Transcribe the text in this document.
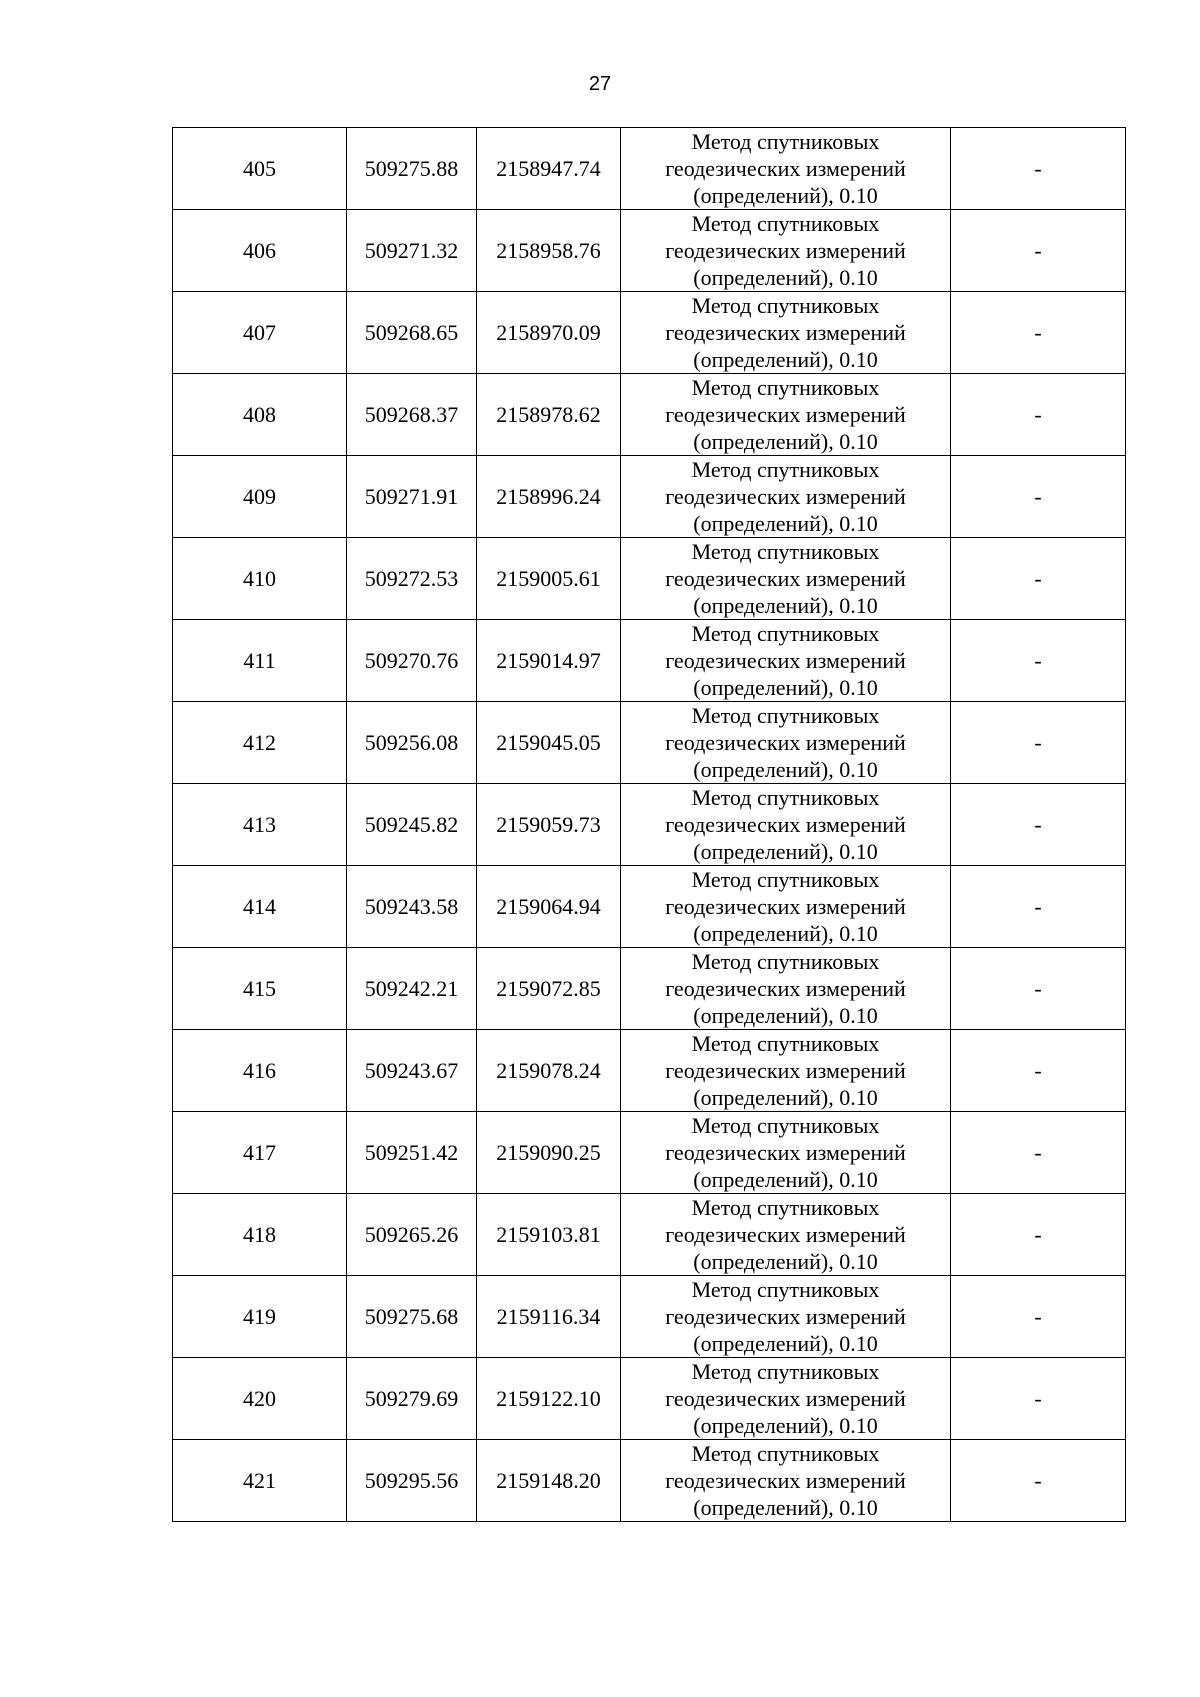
27
405	509275.88	2158947.74	Метод спутниковых
геодезических измерений
(определений), 0.10	-
406	509271.32	2158958.76	Метод спутниковых
геодезических измерений
(определений), 0.10	-
407	509268.65	2158970.09	Метод спутниковых
геодезических измерений
(определений), 0.10	-
408	509268.37	2158978.62	Метод спутниковых
геодезических измерений
(определений), 0.10	-
409	509271.91	2158996.24	Метод спутниковых
геодезических измерений
(определений), 0.10	-
410	509272.53	2159005.61	Метод спутниковых
геодезических измерений
(определений), 0.10	-
411	509270.76	2159014.97	Метод спутниковых
геодезических измерений
(определений), 0.10	-
412	509256.08	2159045.05	Метод спутниковых
геодезических измерений
(определений), 0.10	-
413	509245.82	2159059.73	Метод спутниковых
геодезических измерений
(определений), 0.10	-
414	509243.58	2159064.94	Метод спутниковых
геодезических измерений
(определений), 0.10	-
415	509242.21	2159072.85	Метод спутниковых
геодезических измерений
(определений), 0.10	-
416	509243.67	2159078.24	Метод спутниковых
геодезических измерений
(определений), 0.10	-
417	509251.42	2159090.25	Метод спутниковых
геодезических измерений
(определений), 0.10	-
418	509265.26	2159103.81	Метод спутниковых
геодезических измерений
(определений), 0.10	-
419	509275.68	2159116.34	Метод спутниковых
геодезических измерений
(определений), 0.10	-
420	509279.69	2159122.10	Метод спутниковых
геодезических измерений
(определений), 0.10	-
421	509295.56	2159148.20	Метод спутниковых
геодезических измерений
(определений), 0.10	-
